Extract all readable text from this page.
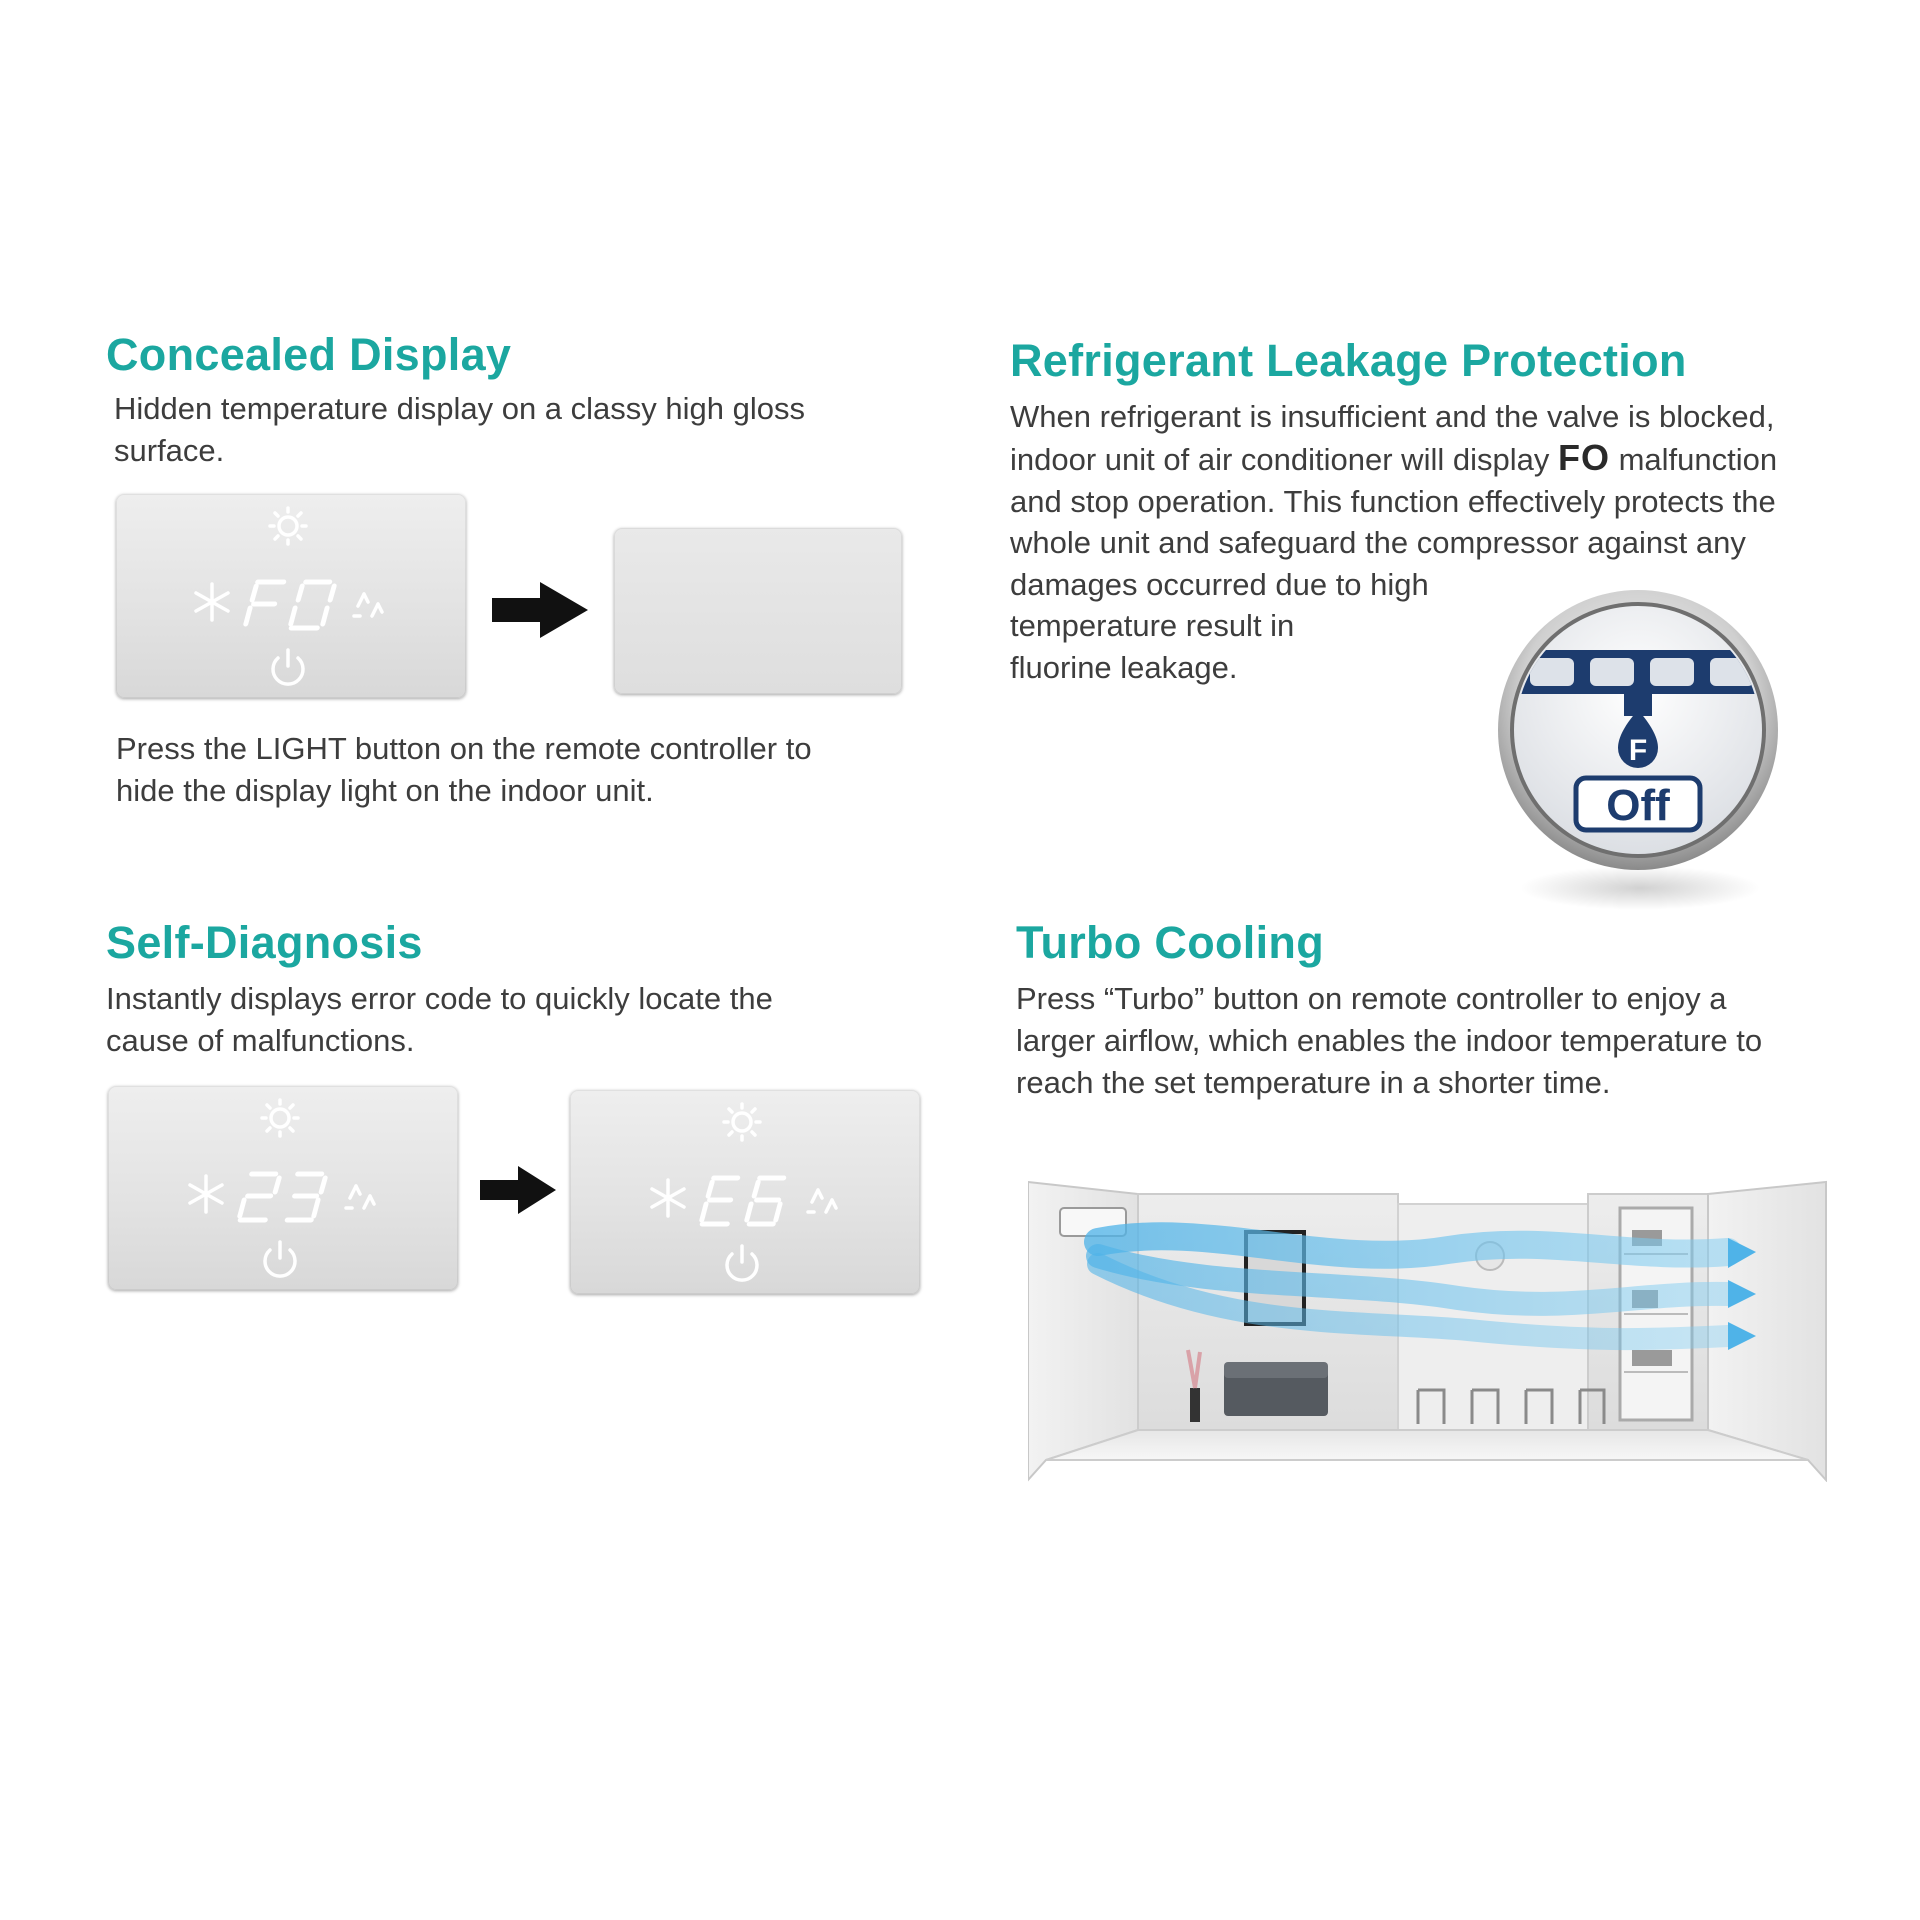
Concealed Display
Hidden temperature display on a classy high gloss
surface.
Press the LIGHT button on the remote controller to
hide the display light on the indoor unit.
Refrigerant Leakage Protection
When refrigerant is insufficient and the valve is blocked,
indoor unit of air conditioner will display FO malfunction
and stop operation. This function effectively protects the
whole unit and safeguard the compressor against any
damages occurred due to high
temperature result in
fluorine leakage.
F
Off
Self-Diagnosis
Instantly displays error code to quickly locate the
cause of malfunctions.
Turbo Cooling
Press “Turbo” button on remote controller to enjoy a
larger airflow, which enables the indoor temperature to
reach the set temperature in a shorter time.
